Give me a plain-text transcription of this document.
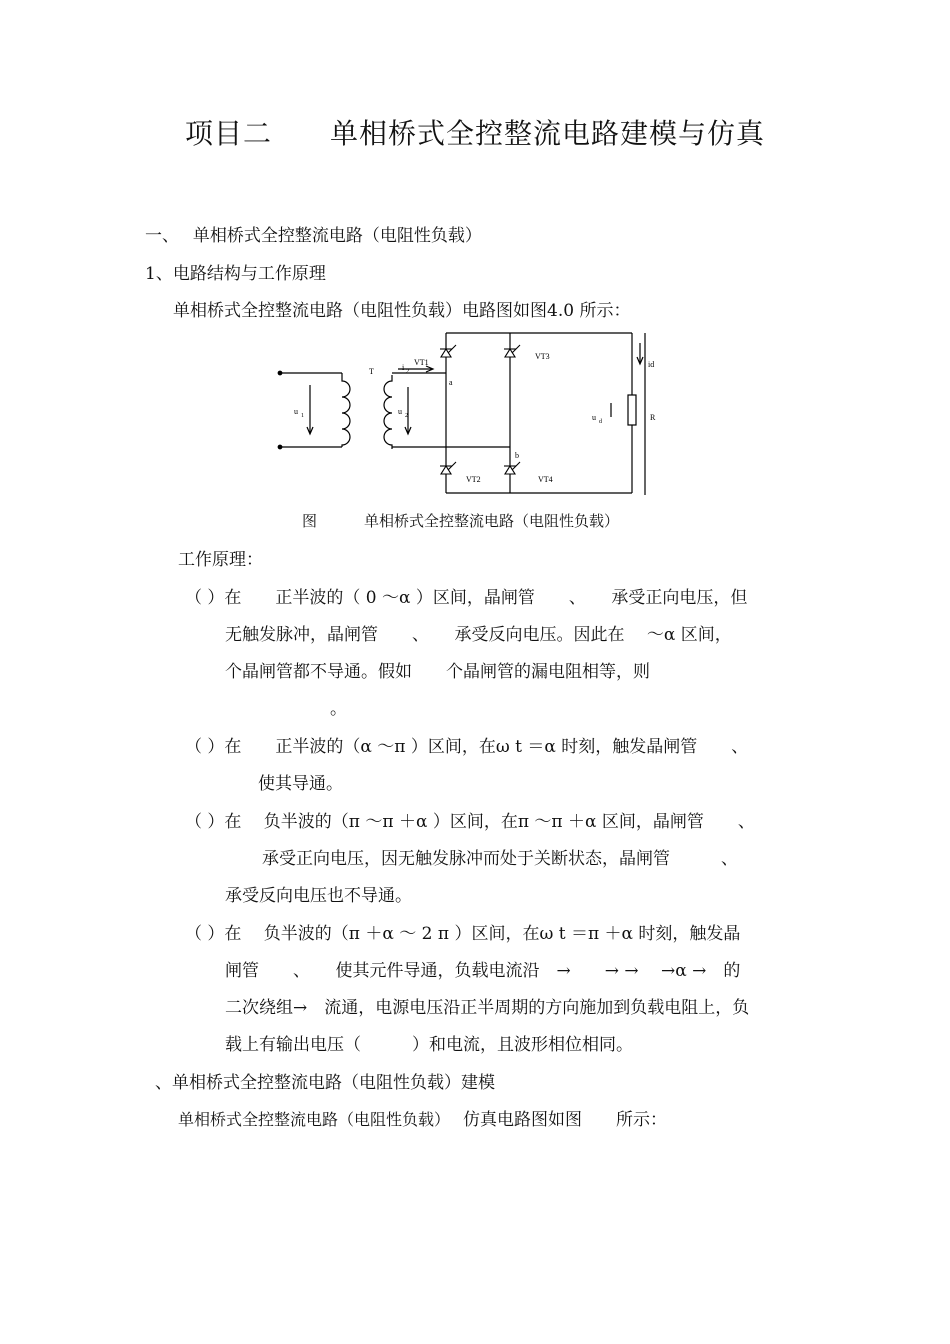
项目二　　单相桥式全控整流电路建模与仿真
一、　 单相桥式全控整流电路（电阻性负载）
1、电路结构与工作原理
单相桥式全控整流电路（电阻性负载）电路图如图4.0 所示：
T
u 1	u 2
i 2
VT1
VT3
VT2	VT4
a
b
u d
id
R
图	单相桥式全控整流电路（电阻性负载）
工作原理：
（ ）在　　正半波的（ 0 ～α ）区间，晶闸管　　、　　承受正向电压，但
无触发脉冲，晶闸管　　、　　承受反向电压。因此在　 ～α 区间，
个晶闸管都不导通。假如　　个晶闸管的漏电阻相等，则
。
（ ）在　　正半波的（α ～π ）区间，在ω t ＝α 时刻，触发晶闸管　　、
使其导通。
（ ）在　 负半波的（π ～π ＋α ）区间，在π ～π ＋α 区间，晶闸管　　、
承受正向电压，因无触发脉冲而处于关断状态，晶闸管　　　、
承受反向电压也不导通。
（ ）在　 负半波的（π ＋α ～ 2 π ）区间，在ω t ＝π ＋α 时刻，触发晶
闸管　　、　　使其元件导通，负载电流沿　→　　→ →　 →α →　的
二次绕组→　流通，电源电压沿正半周期的方向施加到负载电阻上，负
载上有输出电压（　　　）和电流，且波形相位相同。
、单相桥式全控整流电路（电阻性负载）建模
单相桥式全控整流电路（电阻性负载） 仿真电路图如图　　所示：
